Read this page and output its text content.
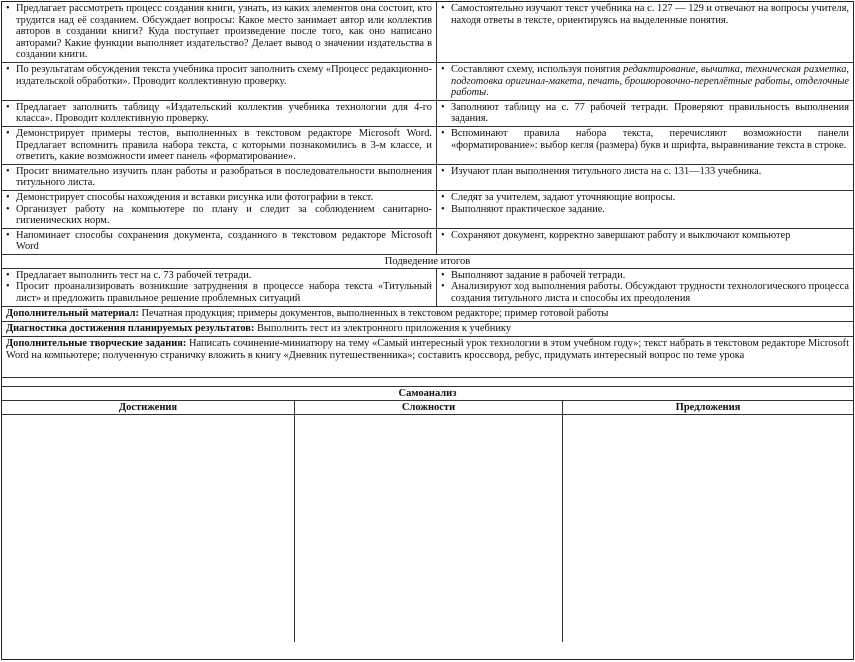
• Предлагает рассмотреть процесс создания книги, узнать, из каких элементов она состоит, кто трудится над её созданием. Обсуждает вопросы: Какое место занимает автор или коллектив авторов в создании книги? Куда поступает произведение после того, как оно написано авторами? Какие функции выполняет издательство? Делает вывод о значении издательства в создании книги.
• Самостоятельно изучают текст учебника на с. 127 — 129 и отвечают на вопросы учителя, находя ответы в тексте, ориентируясь на выделенные понятия.
• По результатам обсуждения текста учебника просит заполнить схему «Процесс редакционно-издательской обработки». Проводит коллективную проверку.
• Составляют схему, используя понятия редактирование, вычитка, техническая разметка, подготовка оригинал-макета, печать, брошюровочно-переплётные работы, отделочные работы.
• Предлагает заполнить таблицу «Издательский коллектив учебника технологии для 4-го класса». Проводит коллективную проверку.
• Заполняют таблицу на с. 77 рабочей тетради. Проверяют правильность выполнения задания.
• Демонстрирует примеры тестов, выполненных в текстовом редакторе Microsoft Word. Предлагает вспомнить правила набора текста, с которыми познакомились в 3-м классе, и ответить, какие возможности имеет панель «форматирование».
• Вспоминают правила набора текста, перечисляют возможности панели «форматирование»: выбор кегля (размера) букв и шрифта, выравнивание текста в строке.
• Просит внимательно изучить план работы и разобраться в последовательности выполнения титульного листа.
• Изучают план выполнения титульного листа на с. 131—133 учебника.
• Демонстрирует способы нахождения и вставки рисунка или фотографии в текст.
• Организует работу на компьютере по плану и следит за соблюдением санитарно-гигиенических норм.
• Следят за учителем, задают уточняющие вопросы.
• Выполняют практическое задание.
• Напоминает способы сохранения документа, созданного в текстовом редакторе Microsoft Word
• Сохраняют документ, корректно завершают работу и выключают компьютер
Подведение итогов
• Предлагает выполнить тест на с. 73 рабочей тетради.
• Просит проанализировать возникшие затруднения в процессе набора текста «Титульный лист» и предложить правильное решение проблемных ситуаций
• Выполняют задание в рабочей тетради.
• Анализируют ход выполнения работы. Обсуждают трудности технологического процесса создания титульного листа и способы их преодоления
Дополнительный материал: Печатная продукция; примеры документов, выполненных в текстовом редакторе; пример готовой работы
Диагностика достижения планируемых результатов: Выполнить тест из электронного приложения к учебнику
Дополнительные творческие задания: Написать сочинение-миниатюру на тему «Самый интересный урок технологии в этом учебном году»; текст набрать в текстовом редакторе Microsoft Word на компьютере; полученную страничку вложить в книгу «Дневник путешественника»; составить кроссворд, ребус, придумать интересный вопрос по теме урока
Самоанализ
Достижения	Сложности	Предложения
